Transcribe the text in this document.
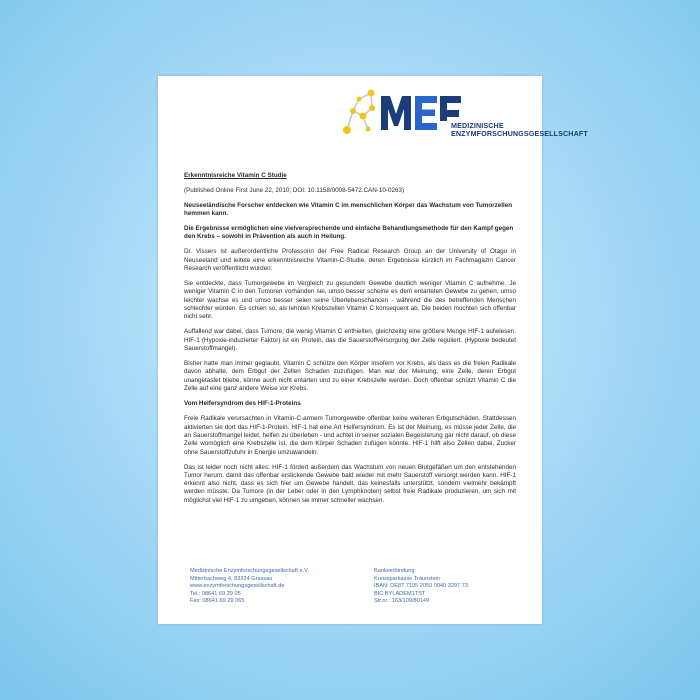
MEDIZINISCHE
ENZYMFORSCHUNGSGESELLSCHAFT

Erkenntnisreiche Vitamin C Studie

(Published Online First June 22, 2010; DOI: 10.1158/0008-5472.CAN-10-0263)

Neuseeländische Forscher entdecken wie Vitamin C im menschlichen Körper das Wachstum von Tumorzellen hemmen kann.

Die Ergebnisse ermöglichen eine vielversprechende und einfache Behandlungsmethode für den Kampf gegen den Krebs – sowohl in Prävention als auch in Heilung.

Dr. Vissers ist außerordentliche Professorin der Free Radical Research Group an der University of Otago in Neuseeland und leitete eine erkenntnisreiche Vitamin-C-Studie, deren Ergebnisse kürzlich im Fachmagazin Cancer Research veröffentlicht wurden:

Sie entdeckte, dass Tumorgewebe im Vergleich zu gesundem Gewebe deutlich weniger Vitamin C aufnehme. Je weniger Vitamin C in den Tumoren vorhanden sei, umso besser scheine es dem entarteten Gewebe zu gehen, umso leichter wachse es und umso besser seien seine Überlebenschancen - während die des betreffenden Menschen schlechter würden. Es schien so, als lehnten Krebszellen Vitamin C konsequent ab. Die beiden mochten sich offenbar nicht sehr.

Auffallend war dabei, dass Tumore, die wenig Vitamin C enthielten, gleichzeitig eine größere Menge HIF-1 aufwiesen. HIF-1 (Hypoxie-induzierter Faktor) ist ein Protein, das die Sauerstoffversorgung der Zelle reguliert. (Hypoxie bedeutet Sauerstoffmangel).

Bisher hatte man immer geglaubt, Vitamin C schütze den Körper insofern vor Krebs, als dass es die freien Radikale davon abhalte, dem Erbgut der Zellen Schaden zuzufügen. Man war der Meinung, eine Zelle, deren Erbgut unangetastet bliebe, könne auch nicht entarten und zu einer Krebszelle werden. Doch offenbar schützt Vitamin C die Zelle auf eine ganz andere Weise vor Krebs.

Vom Helfersyndrom des HIF-1-Proteins

Freie Radikale verursachten in Vitamin-C-armem Tumorgewebe offenbar keine weiteren Erbgutschäden. Stattdessen aktivierten sie dort das HIF-1-Protein. HIF-1 hat eine Art Helfersyndrom. Es ist der Meinung, es müsse jeder Zelle, die an Sauerstoffmangel leidet, helfen zu überleben - und achtet in seiner sozialen Begeisterung gar nicht darauf, ob diese Zelle womöglich eine Krebszelle ist, die dem Körper Schaden zufügen könnte. HIF-1 hilft also Zellen dabei, Zucker ohne Sauerstoffzufuhr in Energie umzuwandeln.

Das ist leider noch nicht alles: HIF-1 fördert außerdem das Wachstum von neuen Blutgefäßen um den entstehenden Tumor herum, damit das offenbar erstickende Gewebe bald wieder mit mehr Sauerstoff versorgt werden kann. HIF-1 erkennt also nicht, dass es sich hier um Gewebe handelt, das keinesfalls unterstützt, sondern vielmehr bekämpft werden müsste. Da Tumore (in der Leber oder in den Lymphknoten) selbst freie Radikale produzieren, um sich mit möglichst viel HIF-1 zu umgeben, können sie immer schneller wachsen.

Medizinische Enzymforschungsgesellschaft e.V.
Mitterbachweg 4, 83224 Grassau
www.enzymforschungsgesellschaft.de
Tel.: 08641 69 29 05
Fax: 08641 69 29 065
Bankverbindung:
Kreissparkasse Traunstein
IBAN: DE87 7105 2050 0040 3297 73
BIC BYLADEM1TST
Str.nr.: 163/109/80149
